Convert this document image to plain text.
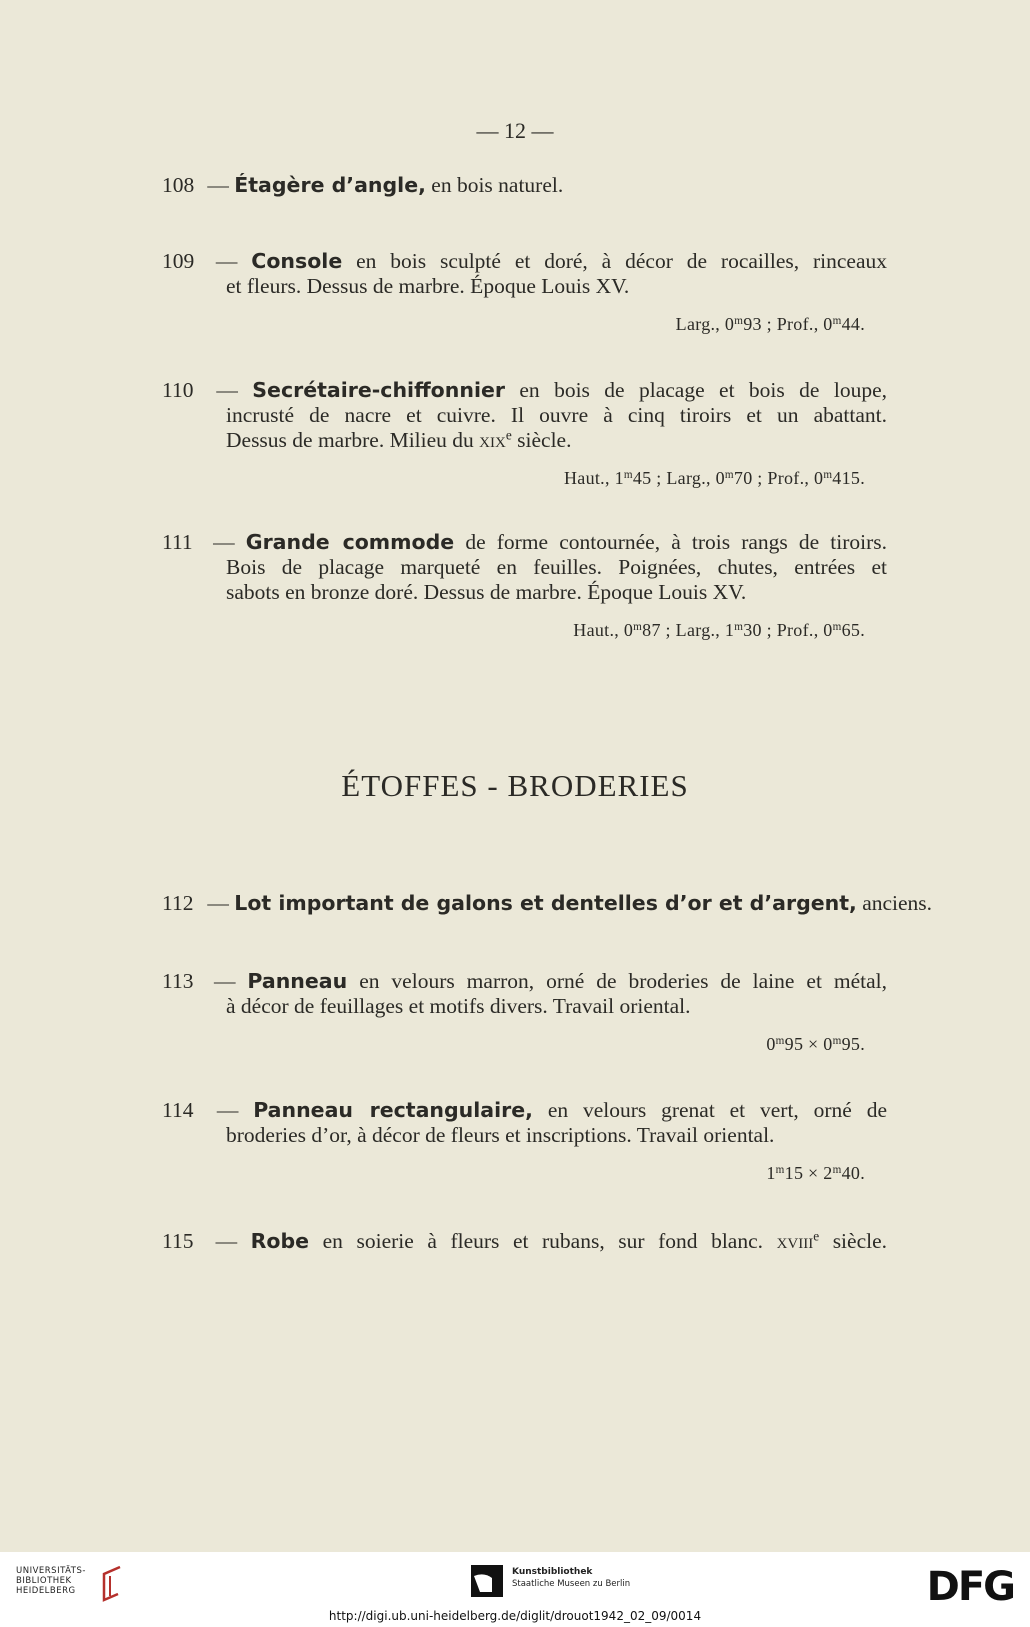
— 12 —
108 — Étagère d’angle, en bois naturel.
109 — Console en bois sculpté et doré, à décor de rocailles, rinceaux
et fleurs. Dessus de marbre. Époque Louis XV.
Larg., 0$^m$93 ; Prof., 0$^m$44.
110 — Secrétaire-chiffonnier en bois de placage et bois de loupe,
incrusté de nacre et cuivre. Il ouvre à cinq tiroirs et un abattant.
Dessus de marbre. Milieu du xix$^e$ siècle.
Haut., 1$^m$45 ; Larg., 0$^m$70 ; Prof., 0$^m$415.
111 — Grande commode de forme contournée, à trois rangs de tiroirs.
Bois de placage marqueté en feuilles. Poignées, chutes, entrées et
sabots en bronze doré. Dessus de marbre. Époque Louis XV.
Haut., 0$^m$87 ; Larg., 1$^m$30 ; Prof., 0$^m$65.
ÉTOFFES - BRODERIES
112 — Lot important de galons et dentelles d’or et d’argent, anciens.
113 — Panneau en velours marron, orné de broderies de laine et métal,
à décor de feuillages et motifs divers. Travail oriental.
$0^m95 \times 0^m95$.
114 — Panneau rectangulaire, en velours grenat et vert, orné de
broderies d’or, à décor de fleurs et inscriptions. Travail oriental.
$1^m15 \times 2^m40$.
115 — Robe en soierie à fleurs et rubans, sur fond blanc. xviii$^e$ siècle.
UNIVERSITÄTS-
BIBLIOTHEK
HEIDELBERG
Kunstbibliothek
Staatliche Museen zu Berlin	DFG
http://digi.ub.uni-heidelberg.de/diglit/drouot1942_02_09/0014
